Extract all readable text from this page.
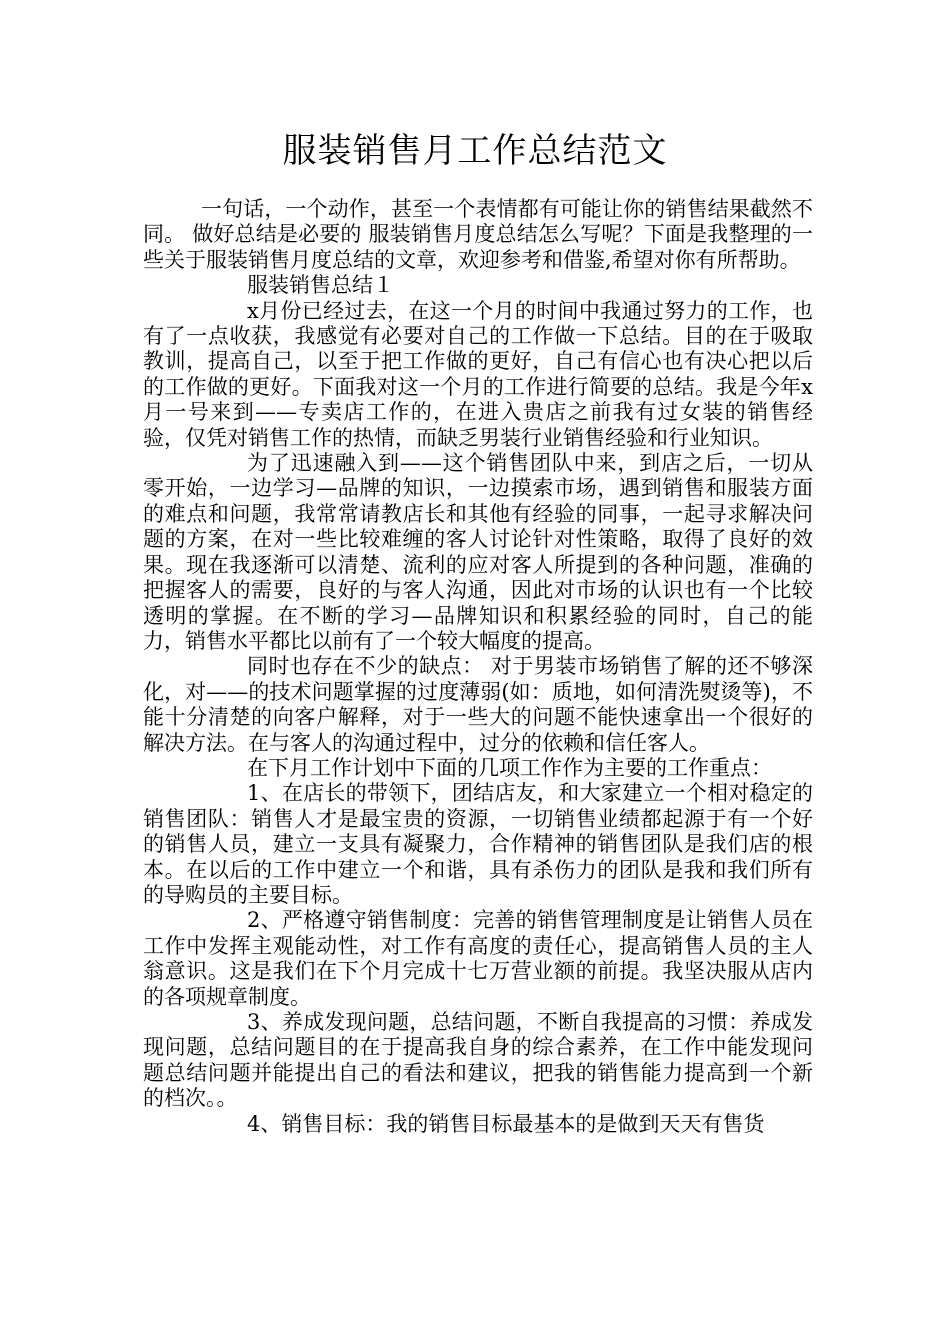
服装销售月工作总结范文

一句话，一个动作，甚至一个表情都有可能让你的销售结果截然不同。 做好总结是必要的 服装销售月度总结怎么写呢？下面是我整理的一些关于服装销售月度总结的文章，欢迎参考和借鉴,希望对你有所帮助。

服装销售总结１

x月份已经过去，在这一个月的时间中我通过努力的工作，也有了一点收获，我感觉有必要对自己的工作做一下总结。目的在于吸取教训，提高自己，以至于把工作做的更好，自己有信心也有决心把以后的工作做的更好。下面我对这一个月的工作进行简要的总结。我是今年x月一号来到——专卖店工作的，在进入贵店之前我有过女装的销售经验，仅凭对销售工作的热情，而缺乏男装行业销售经验和行业知识。

为了迅速融入到——这个销售团队中来，到店之后，一切从零开始，一边学习—品牌的知识，一边摸索市场，遇到销售和服装方面的难点和问题，我常常请教店长和其他有经验的同事，一起寻求解决问题的方案，在对一些比较难缠的客人讨论针对性策略，取得了良好的效果。现在我逐渐可以清楚、流利的应对客人所提到的各种问题，准确的把握客人的需要，良好的与客人沟通，因此对市场的认识也有一个比较透明的掌握。在不断的学习—品牌知识和积累经验的同时，自己的能力，销售水平都比以前有了一个较大幅度的提高。

同时也存在不少的缺点： 对于男装市场销售了解的还不够深化，对——的技术问题掌握的过度薄弱(如：质地，如何清洗熨烫等)，不能十分清楚的向客户解释，对于一些大的问题不能快速拿出一个很好的解决方法。在与客人的沟通过程中，过分的依赖和信任客人。

在下月工作计划中下面的几项工作作为主要的工作重点：

1、在店长的带领下，团结店友，和大家建立一个相对稳定的销售团队：销售人才是最宝贵的资源，一切销售业绩都起源于有一个好的销售人员，建立一支具有凝聚力，合作精神的销售团队是我们店的根本。在以后的工作中建立一个和谐，具有杀伤力的团队是我和我们所有的导购员的主要目标。

2、严格遵守销售制度：完善的销售管理制度是让销售人员在工作中发挥主观能动性，对工作有高度的责任心，提高销售人员的主人翁意识。这是我们在下个月完成十七万营业额的前提。我坚决服从店内的各项规章制度。

3、养成发现问题，总结问题，不断自我提高的习惯：养成发现问题，总结问题目的在于提高我自身的综合素养，在工作中能发现问题总结问题并能提出自己的看法和建议，把我的销售能力提高到一个新的档次。。

4、销售目标：我的销售目标最基本的是做到天天有售货
